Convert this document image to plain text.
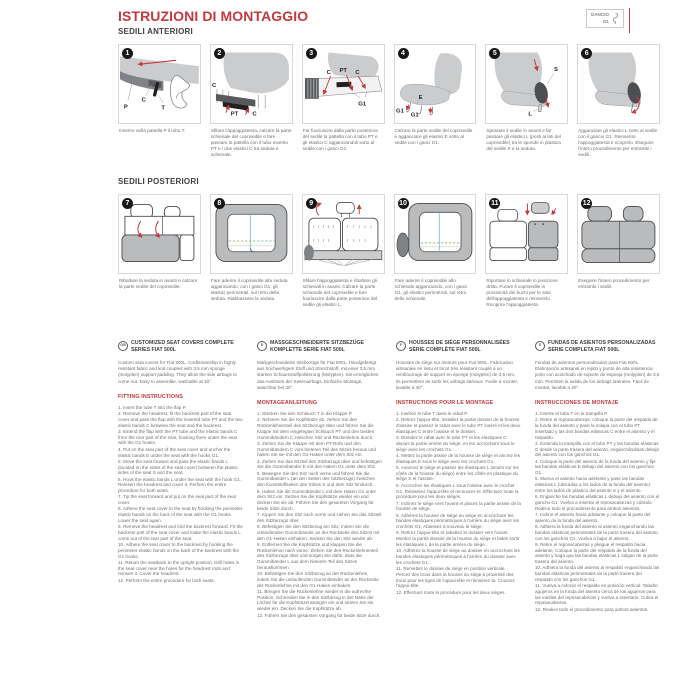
GANCIO
G1
ISTRUZIONI DI MONTAGGIO
SEDILI ANTERIORI
1
P
C
T

Inserire nella pattella P il tubo T.

2
C
PT C

Sfilare l'appoggiatesta, calzare la parte schienale del coprisedile e fare passare la pattella con il tubo inserito PT e i due elastici C tra seduta e schienale.

3
C PT C
G1

Far fuoriuscire dalla parte posteriore del sedile la pattella con il tubo PT e gli elastici C agganciandoli sotto al sedile con i ganci G1

4
E
G1
G1

Calzare la parte sedile del coprisedile e agganciare gli elastici E sotto al sedile con i ganci G1.

5
S
L

Spostare il sedile in avanti e far passare gli elastici L (posti ai lati del coprisedile) tra le sponde in plastica del sedile S e la seduta.

6

Agganciare gli elastici L sotto al sedile con il gancio G1. Reinserire l'appoggiatesta e ricoprirlo. Eseguire l'intero procedimento per entrambi i sedili.

SEDILI POSTERIORI
7

Ribaltare la seduta in avanti e calzare la parte sedile del coprisedile.

8

Fare aderire il coprisedile alla seduta agganciando, con i ganci G1, gli elastici perimetrali, sul retro della seduta. Riabbassare la seduta.

9

Sfilare l'appoggiatesta e ribaltare gli schienali in avanti. Calzare la parte schienale del coprisedile e fare fuoriuscire dalla parte posteriore del sedile gli elastici L.

10

Fare aderire il coprisedile allo schienale agganciando, con i ganci G1, gli elastici perimetrali, sul retro dello schienale.

11

Riportare lo schienale in posizione dritta. Forare il coprisedile in prossimità dei buchi per le aste dell'appoggiatesta e reinserirlo. Ricoprire l'appoggiatesta.

12

Eseguire l'intero procedimento per entrambi i sedili.

GB	CUSTOMIZED SEAT COVERS COMPLETE SERIES FIAT 500L

Custom seat covers for Fiat 500L. Craftsmanship in highly resistant fabric and knit coupled with 3.5 mm sponge (molyplen) support padding. They allow the side airbags to come out. Easy to assemble, washable at 30°.

FITTING INSTRUCTIONS
1. Insert the tube T into the flap P.
2. Remove the headrest, fit the backrest part of the seat cover and pass the flap with the inserted tube PT and the two elastic bands C between the seat and the backrest.
3. Extend the flap with the PT tube and the elastic bands C from the rear part of the seat, hooking them under the seat with the G1 hooks.
4. Put on the seat part of the seat cover and anchor the elastic bands E under the seat with the hooks G1.
5. Move the seat forward and pass the elastic bands L (located on the sides of the seat cover) between the plastic sides of the seat S and the seat.
6. Hook the elastic bands L under the seat with the hook G1. Reinsert the headrest and cover it. Perform the entire procedure for both seats.
7. Tip the seat forward and put on the seat part of the seat cover.
8. Adhere the seat cover to the seat by hooking the perimeter elastic bands on the back of the seat with the G1 hooks. Lower the seat again.
9. Remove the headrest and fold the backrest forward. Fit the backrest part of the seat cover and make the elastic bands L come out of the rear part of the seat.
10. Adhere the seat cover to the backrest by hooking the perimeter elastic bands on the back of the backrest with the G1 hooks.
11. Return the seatback to the upright position. Drill holes in the seat cover near the holes for the headrest rods and reinsert it. Cover the headrest.
12. Perform the entire procedure for both seats.
D	MASSGESCHNEIDERTE SITZBEZÜGE KOMPLETTE SERIE FIAT 500L

Maßgeschneiderte Sitzbezüge für Fiat 500L. Handgefertigt aus hochwertigem Stoff und Stretchstoff, mit einer 3,5 mm starken Schaumstoffpolsterung (Molyplen). Sie ermöglichen das Auslösen der Seitenairbags. Einfache Montage, waschbar bei 30°.

MONTAGEANLEITUNG
1. Stecken Sie den Schlauch T in die Klappe P.
2. Nehmen Sie die Kopfstütze ab, ziehen Sie den Rückenlehnenteil des Sitzbezugs über und führen Sie die Klappe mit dem eingelegten Schlauch PT und den beiden Gummibändern C zwischen Sitz und Rückenlehne durch.
3. Ziehen Sie die Klappe mit dem PT-Rohr und den Gummibändern C vom hinteren Teil des Sitzes heraus und haken Sie sie mit den G1-Haken unter dem Sitz ein.
4. Ziehen Sie das Sitzteil des Sitzbezugs über und befestigen Sie die Gummibänder E mit den Haken G1 unter dem Sitz.
5. Bewegen Sie den Sitz nach vorne und führen Sie die Gummibänder L (an den Seiten des Sitzbezugs) zwischen den Kunststoffseiten des Sitzes S und dem Sitz hindurch.
6. Haken Sie die Gummibänder L mit dem Haken G1 unter dem Sitz ein. Setzen Sie die Kopfstütze wieder ein und decken Sie sie ab. Führen Sie den gesamten Vorgang für beide Sitze durch.
7. Kippen Sie den Sitz nach vorne und ziehen Sie das Sitzteil des Sitzbezugs über.
8. Befestigen Sie den Sitzbezug am Sitz, indem Sie die umlaufenden Gummibänder an der Rückseite des Sitzes mit den G1-Haken einhaken. Senken Sie den Sitz wieder ab.
9. Entfernen Sie die Kopfstütze und klappen Sie die Rückenlehne nach vorne. Ziehen Sie den Rückenlehnenteil des Sitzbezugs über und sorgen Sie dafür, dass die Gummibänder L aus dem hinteren Teil des Sitzes herauskommen.
10. Befestigen Sie den Sitzbezug an der Rückenlehne, indem Sie die umlaufenden Gummibänder an der Rückseite der Rückenlehne mit den G1-Haken einhaken.
11. Bringen Sie die Rückenlehne wieder in die aufrechte Position. Schneiden Sie in den Sitzbezug in der Nähe der Löcher für die Kopfstützenstangen ein und setzen Sie sie wieder ein. Decken Sie die Kopfstütze ab.
12. Führen Sie den gesamten Vorgang für beide Sitze durch.
F	HOUSSES DE SIÈGE PERSONNALISÉES SÉRIE COMPLÈTE FIAT 500L

Housses de siège sur mesure pour Fiat 500L. Fabrication artisanale en tissu et tricot très résistant couplé à un rembourrage de support en éponge (molyplen) de 3,5 mm. Ils permettent de sortir les airbags latéraux. Facile à monter, lavable à 30°.

INSTRUCTIONS POUR LE MONTAGE
1. Insérez le tube T dans le rabat P.
2. Retirez l'appui-tête, installez la partie dossier de la housse d'assise et passez le rabat avec le tube PT inséré et les deux élastiques C entre l'assise et le dossier.
3. Étendez le rabat avec le tube PT et les élastiques C depuis la partie arrière du siège, en les accrochant sous le siège avec les crochets G1.
4. Mettez la partie assise de la housse de siège et ancrez les élastiques E sous le siège avec les crochets G1.
5. Avancez le siège et passez les élastiques L (situés sur les côtés de la housse du siège) entre les côtés en plastique du siège S et l'assise.
6. Accrochez les élastiques L sous l'assise avec le crochet G1. Réinsérez l'appui-tête et recouvrez-le. Effectuez toute la procédure pour les deux sièges.
7. Inclinez le siège vers l'avant et placez la partie assise de la housse de siège.
8. Adhérez la housse de siège au siège en accrochant les bandes élastiques périmétriques à l'arrière du siège avec les crochets G1. Abaissez à nouveau le siège.
9. Retirez l'appui-tête et rabattez le dossier vers l'avant. Montez la partie dossier de la housse du siège et faites sortir les élastiques L de la partie arrière du siège.
10. Adhérez la housse de siège au dossier en accrochant les bandes élastiques périmétriques à l'arrière du dossier avec les crochets G1.
11. Remettez le dossier de siège en position verticale. Percez des trous dans la housse du siège à proximité des trous pour les tiges de l'appui-tête et réinsérez-la. Couvrez l'appui-tête.
12. Effectuez toute la procédure pour les deux sièges.
E	FUNDAS DE ASIENTOS PERSONALIZADAS SERIE COMPLETA FIAT 500L

Fundas de asientos personalizados para Fiat 500L. Elaboración artesanal en tejido y punto de alta resistencia junto con acolchado de soporte de esponja (molyplen) de 3,5 mm. Permiten la salida de los airbags laterales. Fácil de montar, lavable a 30°.

INSTRUCCIONES DE MONTAJE
1. Inserte el tubo T en la trampilla P.
2. Retire el reposacabezas, coloque la parte del respaldo de la funda del asiento y pase la solapa con el tubo PT insertado y las dos bandas elásticas C entre el asiento y el respaldo.
3. Extienda la trampilla con el tubo PT y las bandas elásticas C desde la parte trasera del asiento, enganchándolas debajo del asiento con los ganchos G1.
4. Coloque la parte del asiento de la funda del asiento y fije las bandas elásticas E debajo del asiento con los ganchos G1.
5. Mueva el asiento hacia adelante y pase las bandas elásticas L (ubicadas a los lados de la funda del asiento) entre los lados de plástico del asiento S y el asiento.
6. Enganche las bandas elásticas L debajo del asiento con el gancho G1. Vuelva a insertar el reposacabezas y cúbralo. Realice todo el procedimiento para ambos asientos.
7. Incline el asiento hacia adelante y coloque la parte del asiento de la funda del asiento.
8. Adhiera la funda del asiento al asiento enganchando las bandas elásticas perimetrales de la parte trasera del asiento con los ganchos G1. Vuelva a bajar el asiento.
9. Retire el reposacabezas y pliegue el respaldo hacia adelante. Coloque la parte del respaldo de la funda del asiento y haga que las bandas elásticas L salgan de la parte trasera del asiento.
10. Adhiera la funda del asiento al respaldo enganchando las bandas elásticas perimetrales de la parte trasera del respaldo con los ganchos G1.
11. Vuelva a colocar el respaldo en posición vertical. Taladre agujeros en la funda del asiento cerca de los agujeros para las varillas del reposacabezas y vuelva a insertarlo. Cubra el reposacabezas.
12. Realice todo el procedimiento para ambos asientos.
